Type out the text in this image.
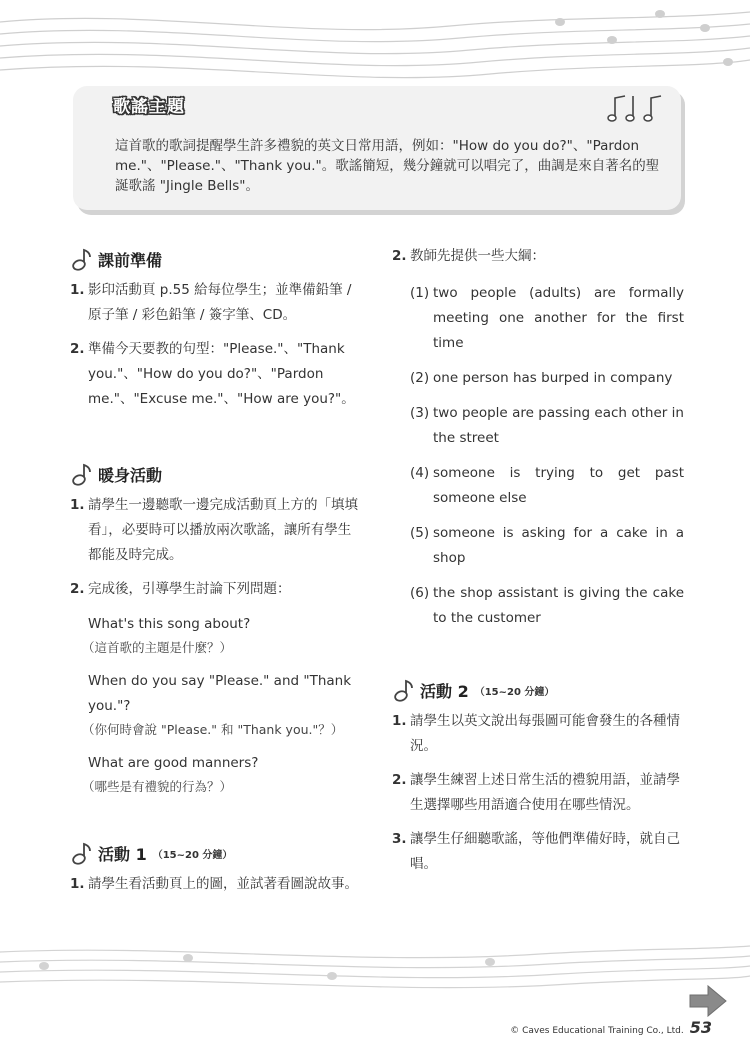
歌謠主題
這首歌的歌詞提醒學生許多禮貌的英文日常用語，例如："How do you do?"、"Pardon me."、"Please."、"Thank you."。歌謠簡短，幾分鐘就可以唱完了，曲調是來自著名的聖誕歌謠 "Jingle Bells"。
課前準備
1. 影印活動頁 p.55 給每位學生；並準備鉛筆 / 原子筆 / 彩色鉛筆 / 簽字筆、CD。
2. 準備今天要教的句型："Please."、"Thank you."、"How do you do?"、"Pardon me."、"Excuse me."、"How are you?"。
暖身活動
1. 請學生一邊聽歌一邊完成活動頁上方的「填填看」，必要時可以播放兩次歌謠，讓所有學生都能及時完成。
2. 完成後，引導學生討論下列問題：
What's this song about?
（這首歌的主題是什麼？）
When do you say "Please." and "Thank you."?
（你何時會說 "Please." 和 "Thank you."？）
What are good manners?
（哪些是有禮貌的行為？）
活動 1 （15~20 分鐘）
1. 請學生看活動頁上的圖，並試著看圖說故事。
2. 教師先提供一些大綱：
(1) two people (adults) are formally meeting one another for the first time
(2) one person has burped in company
(3) two people are passing each other in the street
(4) someone is trying to get past someone else
(5) someone is asking for a cake in a shop
(6) the shop assistant is giving the cake to the customer
活動 2 （15~20 分鐘）
1. 請學生以英文說出每張圖可能會發生的各種情況。
2. 讓學生練習上述日常生活的禮貌用語，並請學生選擇哪些用語適合使用在哪些情況。
3. 讓學生仔細聽歌謠，等他們準備好時，就自己唱。
© Caves Educational Training Co., Ltd. 53
